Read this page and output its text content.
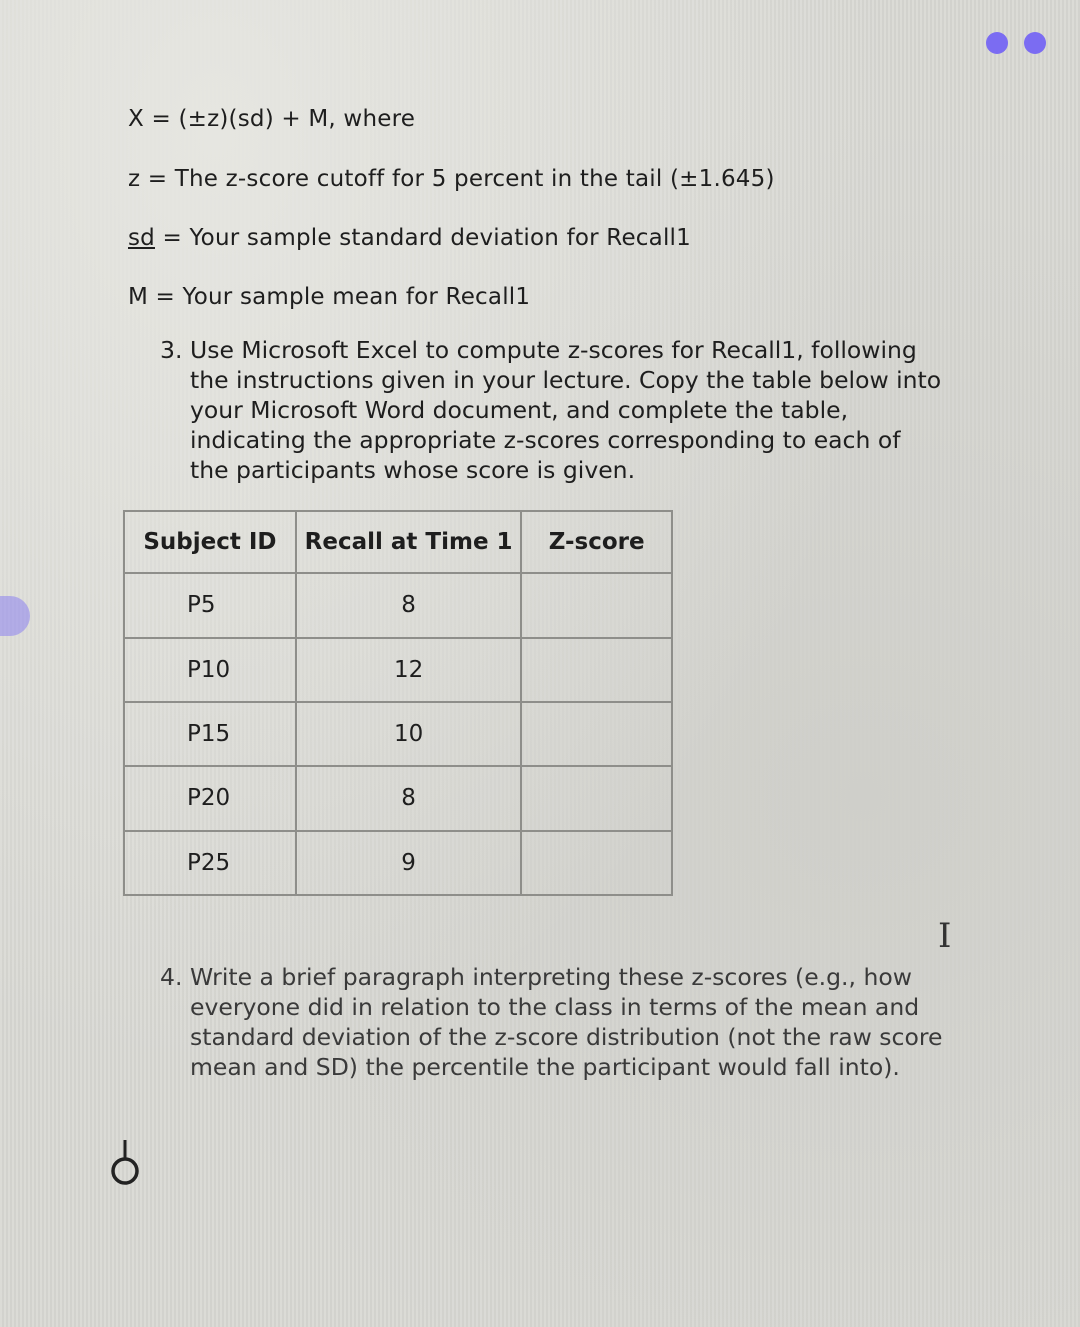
X = (±z)(sd) + M, where
z = The z-score cutoff for 5 percent in the tail (±1.645)
sd = Your sample standard deviation for Recall1
M = Your sample mean for Recall1
3. Use Microsoft Excel to compute z-scores for Recall1, following
the instructions given in your lecture. Copy the table below into
your Microsoft Word document, and complete the table,
indicating the appropriate z-scores corresponding to each of
the participants whose score is given.
Subject ID	Recall at Time 1	Z-score
P5	8	
P10	12	
P15	10	
P20	8	
P25	9	
I
4. Write a brief paragraph interpreting these z-scores (e.g., how
everyone did in relation to the class in terms of the mean and
standard deviation of the z-score distribution (not the raw score
mean and SD) the percentile the participant would fall into).
